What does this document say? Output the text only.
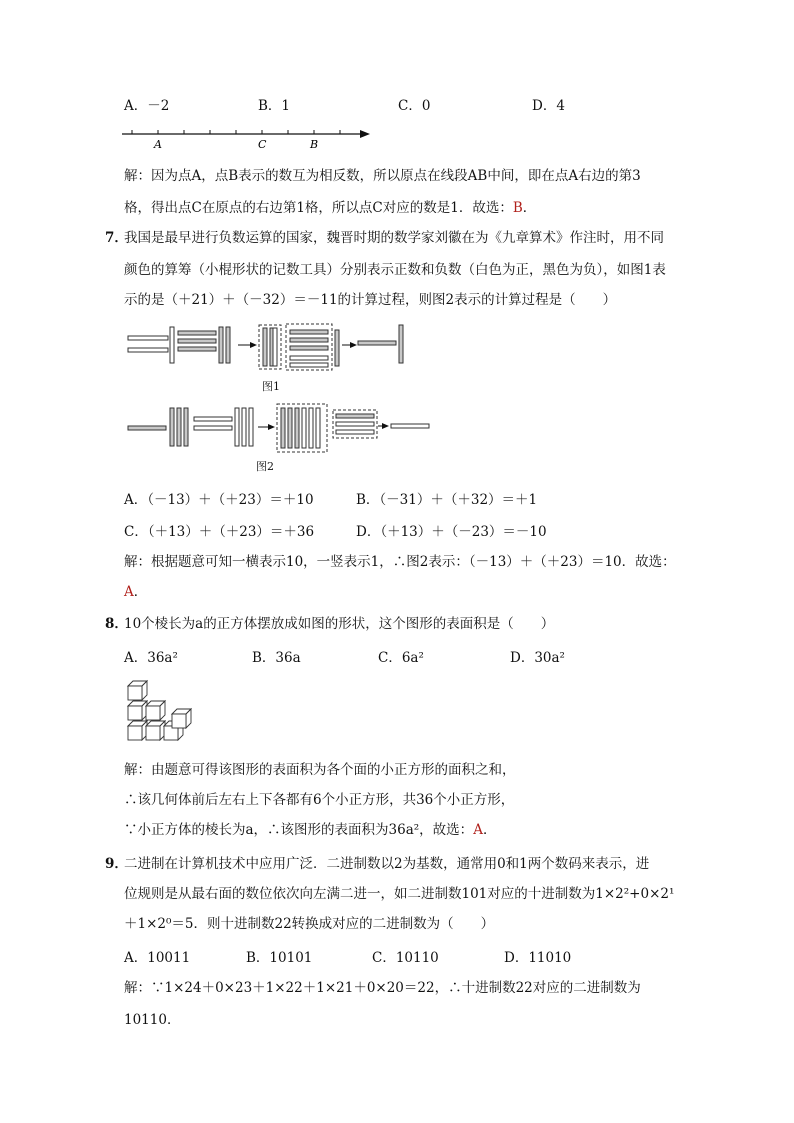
A．－2	B．1	C．0	D．4
A	C	B
解：因为点A，点B表示的数互为相反数，所以原点在线段AB中间，即在点A右边的第3
格，得出点C在原点的右边第1格，所以点C对应的数是1．故选：B．
7．
我国是最早进行负数运算的国家，魏晋时期的数学家刘徽在为《九章算术》作注时，用不同
颜色的算筹（小棍形状的记数工具）分别表示正数和负数（白色为正，黑色为负），如图1表
示的是（＋21）＋（－32）＝－11的计算过程，则图2表示的计算过程是（　　）
图1
图2
A．（－13）＋（＋23）＝＋10	B．（－31）＋（＋32）＝＋1
C．（＋13）＋（＋23）＝＋36	D．（＋13）＋（－23）＝－10
解：根据题意可知一横表示10，一竖表示1，∴图2表示：（－13）＋（＋23）＝10．故选：
A．
8．
10个棱长为a的正方体摆放成如图的形状，这个图形的表面积是（　　）
A．36a²	B．36a	C．6a²	D．30a²
解：由题意可得该图形的表面积为各个面的小正方形的面积之和，
∴该几何体前后左右上下各都有6个小正方形，共36个小正方形，
∵小正方体的棱长为a，∴该图形的表面积为36a²，故选：A．
9．
二进制在计算机技术中应用广泛．二进制数以2为基数，通常用0和1两个数码来表示，进
位规则是从最右面的数位依次向左满二进一，如二进制数101对应的十进制数为1×2²+0×2¹
＋1×2⁰＝5．则十进制数22转换成对应的二进制数为（　　）
A．10011	B．10101	C．10110	D．11010
解：∵1×24＋0×23＋1×22＋1×21＋0×20＝22，∴十进制数22对应的二进制数为
10110．
